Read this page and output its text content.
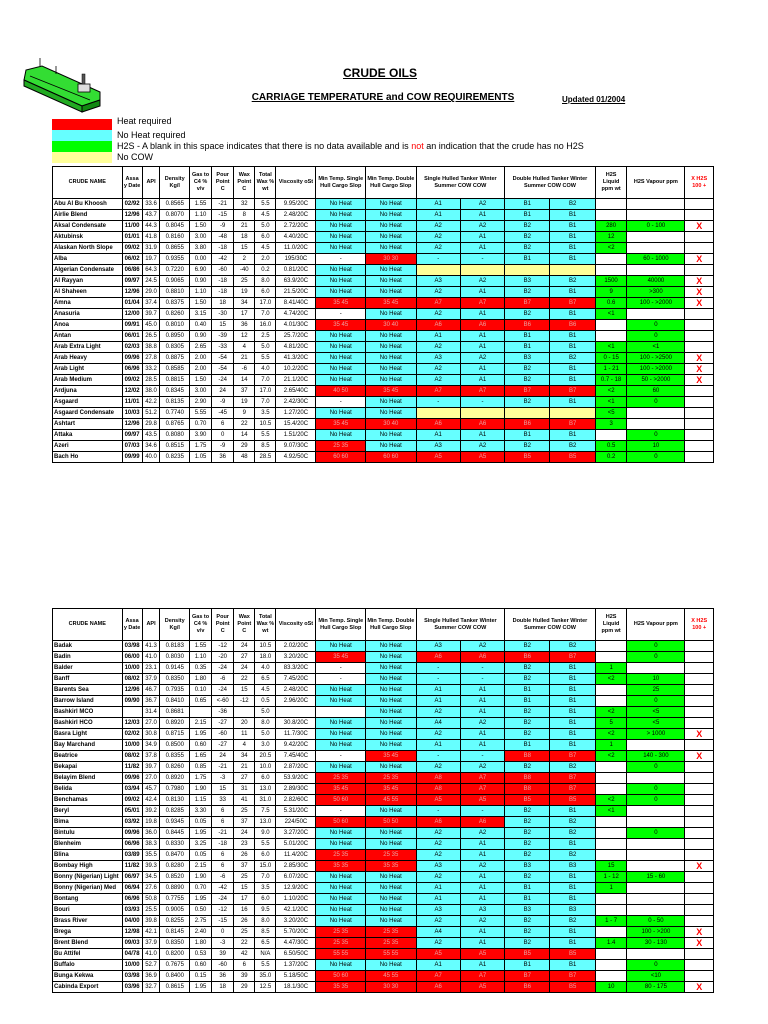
CRUDE OILS
CARRIAGE TEMPERATURE and COW REQUIREMENTS	Updated 01/2004
Heat required
No Heat required
H2S - A blank in this space indicates that there is no data available and is not an indication that the crude has no H2S
No COW
CRUDE NAME	Assa y Date	API	Density Kg/l	Gas to C4 % v/v	Pour Point C	Wax Point C	Total Wax % wt	Viscosity oSt	Min Temp. Single Hull Cargo Slop	Min Temp. Double Hull Cargo Slop	Single Hulled Tanker Winter Summer COW COW		Double Hulled Tanker Winter Summer COW COW		H2S Liquid ppm wt	H2S Vapour ppm	X H2S 100 +
Abu Al Bu Khoosh	02/92	33.6	0.8565	1.55	-21	32	5.5	9.95/20C	No Heat	No Heat	A1	A2	B1	B2			
Airlie Blend	12/96	43.7	0.8070	1.10	-15	8	4.5	2.48/20C	No Heat	No Heat	A1	A1	B1	B1			
Aksal Condensate	11/00	44.3	0.8045	1.50	-9	21	5.0	2.72/20C	No Heat	No Heat	A2	A2	B2	B1	280	0 - 100	X
Aktubinsk	01/01	41.8	0.8160	3.00	-48	18	6.0	4.40/20C	No Heat	No Heat	A2	A1	B2	B1	12		
Alaskan North Slope	09/02	31.9	0.8655	3.80	-18	15	4.5	11.0/20C	No Heat	No Heat	A2	A1	B2	B1	<2		
Alba	06/02	19.7	0.9355	0.00	-42	2	2.0	195/30C	-	30 30	-	-	B1	B1		60 - 1000	X
Algerian Condensate	06/86	64.3	0.7220	6.90	-60	-40	0.2	0.81/20C	No Heat	No Heat							
Al Rayyan	09/97	24.5	0.9065	0.90	-18	25	8.0	63.9/20C	No Heat	No Heat	A3	A2	B3	B2	1500	40000	X
Al Shaheen	12/96	29.0	0.8810	1.10	-18	19	6.0	21.5/20C	No Heat	No Heat	A2	A1	B2	B1	9	>300	X
Amna	01/04	37.4	0.8375	1.50	18	34	17.0	8.41/40C	35 45	35 45	A7	A7	B7	B7	0.6	100 - >2000	X
Anasuria	12/00	39.7	0.8260	3.15	-30	17	7.0	4.74/20C	-	No Heat	A2	A1	B2	B1	<1		
Anoa	09/91	45.0	0.8010	0.40	15	36	16.0	4.01/30C	35 45	30 40	A6	A6	B6	B6		0	
Antan	06/01	26.5	0.8950	0.90	-39	12	2.5	25.7/20C	No Heat	No Heat	A1	A1	B1	B1		0	
Arab Extra Light	02/03	38.8	0.8305	2.65	-33	4	5.0	4.81/20C	No Heat	No Heat	A2	A1	B1	B1	<1	<1	
Arab Heavy	09/96	27.8	0.8875	2.00	-54	21	5.5	41.3/20C	No Heat	No Heat	A3	A2	B3	B2	0 - 15	100 - >2500	X
Arab Light	06/96	33.2	0.8585	2.00	-54	-6	4.0	10.2/20C	No Heat	No Heat	A2	A1	B2	B1	1 - 21	100 - >2000	X
Arab Medium	09/02	28.5	0.8815	1.50	-24	14	7.0	21.1/20C	No Heat	No Heat	A2	A1	B2	B1	0.7 - 18	50 - >2000	X
Ardjuna	12/02	38.0	0.8345	3.00	24	37	17.0	2.65/40C	40 50	35 45	A7	A7	B7	B7	<2	60	
Asgaard	11/01	42.2	0.8135	2.90	-9	19	7.0	2.42/30C	-	No Heat	-	-	B2	B1	<1	0	
Asgaard Condensate	10/03	51.2	0.7740	5.55	-45	9	3.5	1.27/20C	No Heat	No Heat					<5		
Ashtart	12/96	29.8	0.8765	0.70	6	22	10.5	15.4/20C	35 45	30 40	A6	A6	B6	B7	3		
Attaka	09/97	43.5	0.8080	3.90	0	14	5.5	1.51/20C	No Heat	No Heat	A1	A1	B1	B1		0	
Azeri	07/03	34.6	0.8515	1.75	-9	29	8.5	9.07/30C	25 35	No Heat	A3	A2	B2	B2	0.5	10	
Bach Ho	09/99	40.0	0.8235	1.05	36	48	28.5	4.92/50C	60 60	60 60	A5	A5	B5	B5	0.2	0	
CRUDE NAME	Assa y Date	API	Density Kg/l	Gas to C4 % v/v	Pour Point C	Wax Point C	Total Wax % wt	Viscosity oSt	Min Temp. Single Hull Cargo Slop	Min Temp. Double Hull Cargo Slop	Single Hulled Tanker Winter Summer COW COW		Double Hulled Tanker Winter Summer COW COW		H2S Liquid ppm wt	H2S Vapour ppm	X H2S 100 +
Badak	03/98	41.3	0.8183	1.55	-12	24	10.5	2.02/20C	No Heat	No Heat	A3	A2	B2	B2		0	
Badin	06/00	41.0	0.8030	1.10	-20	27	18.0	3.20/20C	35 45	No Heat	A6	A6	B6	B7		0	
Balder	10/00	23.1	0.9145	0.35	-24	24	4.0	83.3/20C	-	No Heat	-	-	B2	B1	1		
Banff	08/02	37.9	0.8350	1.80	-6	22	6.5	7.45/20C	-	No Heat	-	-	B2	B1	<2	10	
Barents Sea	12/96	46.7	0.7935	0.10	-24	15	4.5	2.48/20C	No Heat	No Heat	A1	A1	B1	B1		25	
Barrow Island	09/90	36.7	0.8410	0.65	<-60	-12	0.5	2.96/20C	No Heat	No Heat	A1	A1	B1	B1		0	
Bashkirl MCO		31.4	0.8681		-36		5.0			No Heat	A2	A1	B2	B1	<2	<5	
Bashkirl HCO	12/03	27.0	0.8920	2.15	-27	20	8.0	30.8/20C	No Heat	No Heat	A4	A2	B2	B1	5	<5	
Basra Light	02/02	30.8	0.8715	1.95	-60	11	5.0	11.7/30C	No Heat	No Heat	A2	A1	B2	B1	<2	> 1000	X
Bay Marchand	10/00	34.9	0.8500	0.60	-27	4	3.0	9.42/20C	No Heat	No Heat	A1	A1	B1	B1	1		
Beatrice	08/02	37.8	0.8355	1.65	24	34	20.5	7.45/40C	-	35 45	-	-	B8	B7	<2	140 - 300	X
Bekapai	11/82	39.7	0.8260	0.85	-21	21	10.0	2.87/20C	No Heat	No Heat	A2	A2	B2	B2		0	
Belayim Blend	09/96	27.0	0.8920	1.75	-3	27	6.0	53.9/20C	25 35	25 35	A8	A7	B8	B7			
Belida	03/94	45.7	0.7980	1.90	15	31	13.0	2.89/30C	35 45	35 45	A8	A7	B8	B7		0	
Benchamas	09/02	42.4	0.8130	1.15	33	41	31.0	2.82/60C	50 60	45 55	A5	A5	B5	B5	<2	0	
Beryl	05/01	39.2	0.8285	3.30	6	25	7.5	5.31/20C	-	No Heat	-	-	B2	B1	<1		
Bima	03/92	19.8	0.9345	0.05	6	37	13.0	224/50C	50 60	50 50	A6	A6	B2	B2			
Bintulu	09/96	36.0	0.8445	1.95	-21	24	9.0	3.27/20C	No Heat	No Heat	A2	A2	B2	B2		0	
Blenheim	06/96	38.3	0.8330	3.25	-18	23	5.5	5.01/20C	No Heat	No Heat	A2	A1	B2	B1			
Blina	03/89	35.5	0.8470	0.05	6	26	6.0	11.4/20C	25 35	25 35	A2	A1	B2	B2			
Bombay High	11/82	39.3	0.8280	2.15	6	37	15.0	2.85/30C	35 35	35 35	A3	A2	B3	B3	15		X
Bonny (Nigerian) Light	06/97	34.5	0.8520	1.90	-6	25	7.0	6.07/20C	No Heat	No Heat	A2	A1	B2	B1	1 - 12	15 - 60	
Bonny (Nigerian) Med	06/94	27.6	0.8890	0.70	-42	15	3.5	12.9/20C	No Heat	No Heat	A1	A1	B1	B1	1		
Bontang	06/96	50.8	0.7755	1.95	-24	17	6.0	1.10/20C	No Heat	No Heat	A1	A1	B1	B1			
Bouri	03/93	25.5	0.9005	0.50	-12	16	9.5	42.1/20C	No Heat	No Heat	A3	A3	B3	B3			
Brass River	04/00	39.8	0.8255	2.75	-15	26	8.0	3.20/20C	No Heat	No Heat	A2	A2	B2	B2	1 - 7	0 - 50	
Brega	12/98	42.1	0.8145	2.40	0	25	8.5	5.70/20C	25 35	25 35	A4	A1	B2	B1		100 - >200	X
Brent Blend	09/03	37.9	0.8350	1.80	-3	22	6.5	4.47/30C	25 35	25 35	A2	A1	B2	B1	1.4	30 - 130	X
Bu Attifel	04/78	41.0	0.8200	0.53	39	42	N/A	6.50/50C	55 55	55 55	A5	A5	B5	B5			
Buffalo	10/00	52.7	0.7675	0.60	-60	6	5.5	1.37/20C	No Heat	No Heat	A1	A1	B1	B1		0	
Bunga Kekwa	03/98	36.9	0.8400	0.15	36	39	35.0	5.18/50C	50 60	45 55	A7	A7	B7	B7		<10	
Cabinda Export	03/96	32.7	0.8615	1.95	18	29	12.5	18.1/30C	35 35	30 30	A6	A5	B6	B5	10	80 - 175	X
